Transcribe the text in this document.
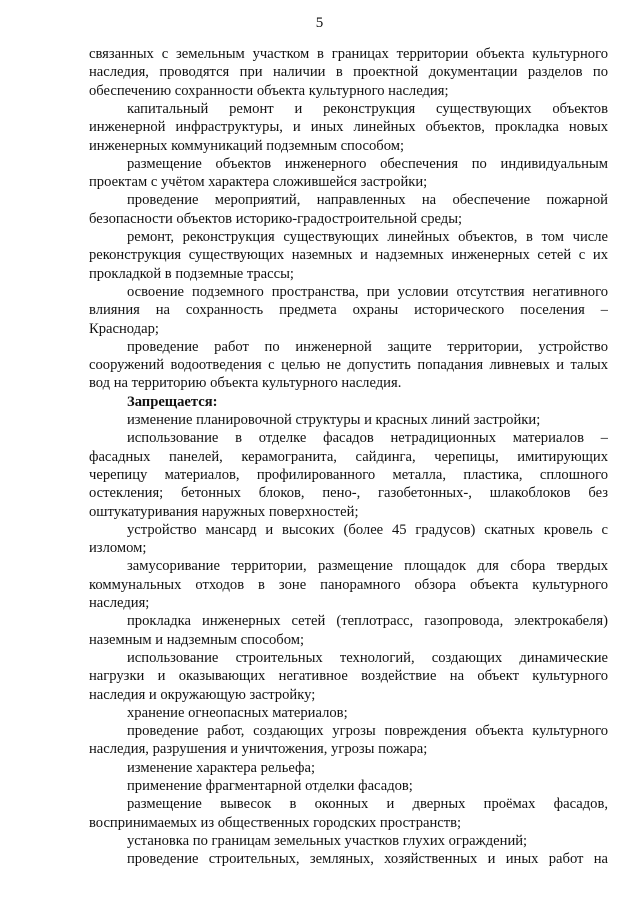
5
связанных с земельным участком в границах территории объекта культурного
наследия, проводятся при наличии в проектной документации разделов по
обеспечению сохранности объекта культурного наследия;
капитальный ремонт и реконструкция существующих объектов
инженерной инфраструктуры, и иных линейных объектов, прокладка новых
инженерных коммуникаций подземным способом;
размещение объектов инженерного обеспечения по индивидуальным
проектам с учётом характера сложившейся застройки;
проведение мероприятий, направленных на обеспечение пожарной
безопасности объектов историко-градостроительной среды;
ремонт, реконструкция существующих линейных объектов, в том числе
реконструкция существующих наземных и надземных инженерных сетей с их
прокладкой в подземные трассы;
освоение подземного пространства, при условии отсутствия негативного
влияния на сохранность предмета охраны исторического поселения –
Краснодар;
проведение работ по инженерной защите территории, устройство
сооружений водоотведения с целью не допустить попадания ливневых и талых
вод на территорию объекта культурного наследия.
Запрещается:
изменение планировочной структуры и красных линий застройки;
использование в отделке фасадов нетрадиционных материалов –
фасадных панелей, керамогранита, сайдинга, черепицы, имитирующих
черепицу материалов, профилированного металла, пластика, сплошного
остекления; бетонных блоков, пено-, газобетонных-, шлакоблоков без
оштукатуривания наружных поверхностей;
устройство мансард и высоких (более 45 градусов) скатных кровель с
изломом;
замусоривание территории, размещение площадок для сбора твердых
коммунальных отходов в зоне панорамного обзора объекта культурного
наследия;
прокладка инженерных сетей (теплотрасс, газопровода, электрокабеля)
наземным и надземным способом;
использование строительных технологий, создающих динамические
нагрузки и оказывающих негативное воздействие на объект культурного
наследия и окружающую застройку;
хранение огнеопасных материалов;
проведение работ, создающих угрозы повреждения объекта культурного
наследия, разрушения и уничтожения, угрозы пожара;
изменение характера рельефа;
применение фрагментарной отделки фасадов;
размещение вывесок в оконных и дверных проёмах фасадов,
воспринимаемых из общественных городских пространств;
установка по границам земельных участков глухих ограждений;
проведение строительных, земляных, хозяйственных и иных работ на
